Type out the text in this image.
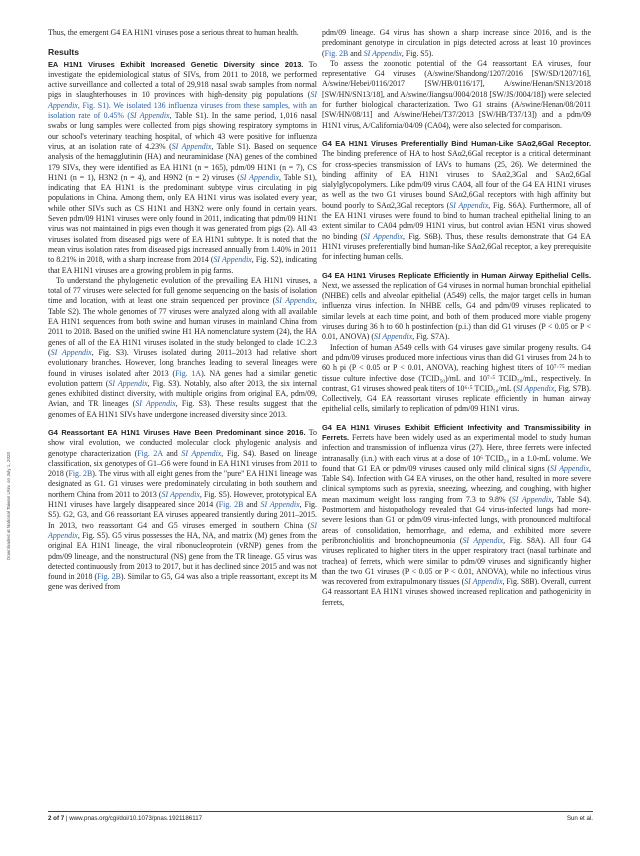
Thus, the emergent G4 EA H1N1 viruses pose a serious threat to human health.

Results

EA H1N1 Viruses Exhibit Increased Genetic Diversity since 2013. To investigate the epidemiological status of SIVs, from 2011 to 2018, we performed active surveillance and collected a total of 29,918 nasal swab samples from normal pigs in slaughterhouses in 10 provinces with high-density pig populations (SI Appendix, Fig. S1). We isolated 136 influenza viruses from these samples, with an isolation rate of 0.45% (SI Appendix, Table S1). In the same period, 1,016 nasal swabs or lung samples were collected from pigs showing respiratory symptoms in our school's veterinary teaching hospital, of which 43 were positive for influenza virus, at an isolation rate of 4.23% (SI Appendix, Table S1). Based on sequence analysis of the hemagglutinin (HA) and neuraminidase (NA) genes of the combined 179 SIVs, they were identified as EA H1N1 (n = 165), pdm/09 H1N1 (n = 7), CS H1N1 (n = 1), H3N2 (n = 4), and H9N2 (n = 2) viruses (SI Appendix, Table S1), indicating that EA H1N1 is the predominant subtype virus circulating in pig populations in China. Among them, only EA H1N1 virus was isolated every year, while other SIVs such as CS H1N1 and H3N2 were only found in certain years. Seven pdm/09 H1N1 viruses were only found in 2011, indicating that pdm/09 H1N1 virus was not maintained in pigs even though it was generated from pigs (2). All 43 viruses isolated from diseased pigs were of EA H1N1 subtype. It is noted that the mean virus isolation rates from diseased pigs increased annually from 1.40% in 2011 to 8.21% in 2018, with a sharp increase from 2014 (SI Appendix, Fig. S2), indicating that EA H1N1 viruses are a growing problem in pig farms.

To understand the phylogenetic evolution of the prevailing EA H1N1 viruses, a total of 77 viruses were selected for full genome sequencing on the basis of isolation time and location, with at least one strain sequenced per province (SI Appendix, Table S2). The whole genomes of 77 viruses were analyzed along with all available EA H1N1 sequences from both swine and human viruses in mainland China from 2011 to 2018. Based on the unified swine H1 HA nomenclature system (24), the HA genes of all of the EA H1N1 viruses isolated in the study belonged to clade 1C.2.3 (SI Appendix, Fig. S3). Viruses isolated during 2011–2013 had relative short evolutionary branches. However, long branches leading to several lineages were found in viruses isolated after 2013 (Fig. 1A). NA genes had a similar genetic evolution pattern (SI Appendix, Fig. S3). Notably, also after 2013, the six internal genes exhibited distinct diversity, with multiple origins from original EA, pdm/09, Avian, and TR lineages (SI Appendix, Fig. S3). These results suggest that the genomes of EA H1N1 SIVs have undergone increased diversity since 2013.

G4 Reassortant EA H1N1 Viruses Have Been Predominant since 2016. To show viral evolution, we conducted molecular clock phylogenic analysis and genotype characterization (Fig. 2A and SI Appendix, Fig. S4). Based on lineage classification, six genotypes of G1–G6 were found in EA H1N1 viruses from 2011 to 2018 (Fig. 2B). The virus with all eight genes from the "pure" EA H1N1 lineage was designated as G1. G1 viruses were predominately circulating in both southern and northern China from 2011 to 2013 (SI Appendix, Fig. S5). However, prototypical EA H1N1 viruses have largely disappeared since 2014 (Fig. 2B and SI Appendix, Fig. S5). G2, G3, and G6 reassortant EA viruses appeared transiently during 2011–2015. In 2013, two reassortant G4 and G5 viruses emerged in southern China (SI Appendix, Fig. S5). G5 virus possesses the HA, NA, and matrix (M) genes from the original EA H1N1 lineage, the viral ribonucleoprotein (vRNP) genes from the pdm/09 lineage, and the nonstructural (NS) gene from the TR lineage. G5 virus was detected continuously from 2013 to 2017, but it has declined since 2015 and was not found in 2018 (Fig. 2B). Similar to G5, G4 was also a triple reassortant, except its M gene was derived from

pdm/09 lineage. G4 virus has shown a sharp increase since 2016, and is the predominant genotype in circulation in pigs detected across at least 10 provinces (Fig. 2B and SI Appendix, Fig. S5).

To assess the zoonotic potential of the G4 reassortant EA viruses, four representative G4 viruses (A/swine/Shandong/1207/2016 [SW/SD/1207/16], A/swine/Hebei/0116/2017 [SW/HB/0116/17], A/swine/Henan/SN13/2018 [SW/HN/SN13/18], and A/swine/Jiangsu/J004/2018 [SW/JS/J004/18]) were selected for further biological characterization. Two G1 strains (A/swine/Henan/08/2011 [SW/HN/08/11] and A/swine/Hebei/T37/2013 [SW/HB/T37/13]) and a pdm/09 H1N1 virus, A/California/04/09 (CA04), were also selected for comparison.

G4 EA H1N1 Viruses Preferentially Bind Human-Like SAα2,6Gal Receptor. The binding preference of HA to host SAα2,6Gal receptor is a critical determinant for cross-species transmission of IAVs to humans (25, 26). We determined the binding affinity of EA H1N1 viruses to SAα2,3Gal and SAα2,6Gal sialylglycopolymers. Like pdm/09 virus CA04, all four of the G4 EA H1N1 viruses as well as the two G1 viruses bound SAα2,6Gal receptors with high affinity but bound poorly to SAα2,3Gal receptors (SI Appendix, Fig. S6A). Furthermore, all of the EA H1N1 viruses were found to bind to human tracheal epithelial lining to an extent similar to CA04 pdm/09 H1N1 virus, but control avian H5N1 virus showed no binding (SI Appendix, Fig. S6B). Thus, these results demonstrate that G4 EA H1N1 viruses preferentially bind human-like SAα2,6Gal receptor, a key prerequisite for infecting human cells.

G4 EA H1N1 Viruses Replicate Efficiently in Human Airway Epithelial Cells. Next, we assessed the replication of G4 viruses in normal human bronchial epithelial (NHBE) cells and alveolar epithelial (A549) cells, the major target cells in human influenza virus infection. In NHBE cells, G4 and pdm/09 viruses replicated to similar levels at each time point, and both of them produced more viable progeny viruses during 36 h to 60 h postinfection (p.i.) than did G1 viruses (P < 0.05 or P < 0.01, ANOVA) (SI Appendix, Fig. S7A).

Infection of human A549 cells with G4 viruses gave similar progeny results. G4 and pdm/09 viruses produced more infectious virus than did G1 viruses from 24 h to 60 h pi (P < 0.05 or P < 0.01, ANOVA), reaching highest titers of 10⁷·⁷⁵ median tissue culture infective dose (TCID₅₀)/mL and 10⁷·⁵ TCID₅₀/mL, respectively. In contrast, G1 viruses showed peak titers of 10⁶·⁵ TCID₅₀/mL (SI Appendix, Fig. S7B). Collectively, G4 EA reassortant viruses replicate efficiently in human airway epithelial cells, similarly to replication of pdm/09 H1N1 virus.

G4 EA H1N1 Viruses Exhibit Efficient Infectivity and Transmissibility in Ferrets. Ferrets have been widely used as an experimental model to study human infection and transmission of influenza virus (27). Here, three ferrets were infected intranasally (i.n.) with each virus at a dose of 10⁶ TCID₅₀ in a 1.0-mL volume. We found that G1 EA or pdm/09 viruses caused only mild clinical signs (SI Appendix, Table S4). Infection with G4 EA viruses, on the other hand, resulted in more severe clinical symptoms such as pyrexia, sneezing, wheezing, and coughing, with higher mean maximum weight loss ranging from 7.3 to 9.8% (SI Appendix, Table S4). Postmortem and histopathology revealed that G4 virus-infected lungs had more-severe lesions than G1 or pdm/09 virus-infected lungs, with pronounced multifocal areas of consolidation, hemorrhage, and edema, and exhibited more severe peribronchiolitis and bronchopneumonia (SI Appendix, Fig. S8A). All four G4 viruses replicated to higher titers in the upper respiratory tract (nasal turbinate and trachea) of ferrets, which were similar to pdm/09 viruses and significantly higher than the two G1 viruses (P < 0.05 or P < 0.01, ANOVA), while no infectious virus was recovered from extrapulmonary tissues (SI Appendix, Fig. S8B). Overall, current G4 reassortant EA H1N1 viruses showed increased replication and pathogenicity in ferrets,

2 of 7 | www.pnas.org/cgi/doi/10.1073/pnas.1921186117	Sun et al.
Downloaded at National Taiwan Univ. on July 1, 2020
